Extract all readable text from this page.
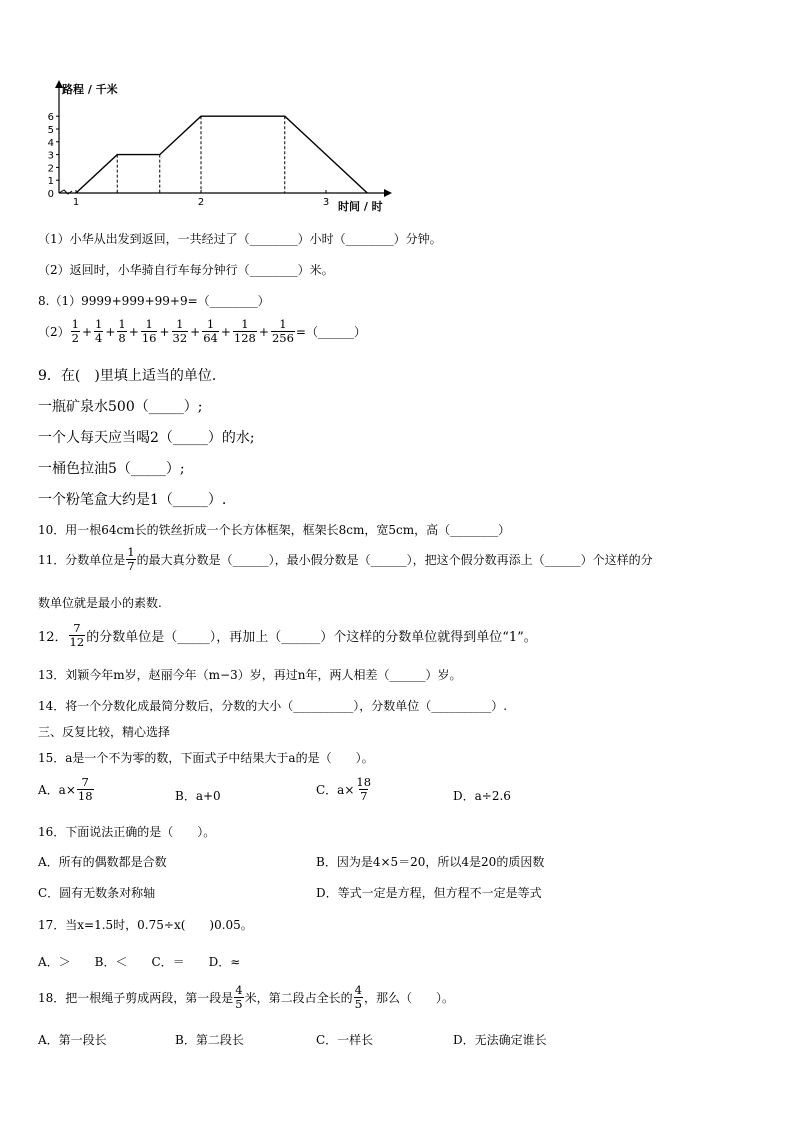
路程 / 千米
时间 / 时
0
1
2
3
4
5
6
1	2	3
（1）小华从出发到返回，一共经过了（________）小时（________）分钟。
（2）返回时，小华骑自行车每分钟行（________）米。
8.（1）9999+999+99+9=（________）
$(2) \frac{1}{2} + \frac{1}{4} + \frac{1}{8} + \frac{1}{16} + \frac{1}{32} + \frac{1}{64} + \frac{1}{128} + \frac{1}{256}$ =（______）
9．在(　)里填上适当的单位．
一瓶矿泉水500（_____）;
一个人每天应当喝2（_____）的水;
一桶色拉油5（_____）;
一个粉笔盒大约是1（_____）.
10．用一根64cm长的铁丝折成一个长方体框架，框架长8cm，宽5cm，高（________）
11．分数单位是 $\frac{1}{7}$ 的最大真分数是（______），最小假分数是（______），把这个假分数再添上（______）个这样的分
数单位就是最小的素数.
12． $\frac{7}{12}$ 的分数单位是（_____），再加上（______）个这样的分数单位就得到单位“1”。
13．刘颖今年m岁，赵丽今年（m−3）岁，再过n年，两人相差（______）岁。
14．将一个分数化成最简分数后，分数的大小（__________），分数单位（__________）.
三、反复比较，精心选择
15．a是一个不为零的数，下面式子中结果大于a的是（　　）。
A．$a\times \frac{7}{18}$	B．a+0	C．$a\times \frac{18}{7}$	D．a÷2.6
16．下面说法正确的是（　　）。
A．所有的偶数都是合数	B．因为是4×5＝20，所以4是20的质因数
C．圆有无数条对称轴	D．等式一定是方程，但方程不一定是等式
17．当x=1.5时，0.75÷x(　　)0.05。
A．＞　　B．＜　　C．＝　　D．≈
18．把一根绳子剪成两段，第一段是 $\frac{4}{5}$ 米，第二段占全长的 $\frac{4}{5}$ ，那么（　　）。
A．第一段长	B．第二段长	C．一样长	D．无法确定谁长
